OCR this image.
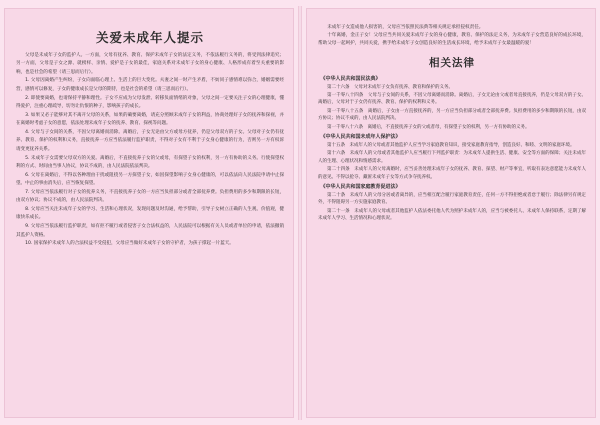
关爱未成年人提示

父母是未成年子女的监护人。一方面，父母有抚养、教育、保护未成年子女的法定义务，不依法履行义务的，将受到法律追究；另一方面，父母是子女之源、就榜样、亲情、爱护是子女的最佳，家庭关系对未成年子女的身心健康、人格形成有着至关重要的影响，也是社会的希望（请三思而后行）。

1. 父母因离婚产生纠纷，子女向面临心理上、生活上的巨大变化。夫妻之间一时产生矛盾，不妨同子感情难以弥合，婚姻需要经营，感情可以修复，子女的健康成长是父母的期待，也是社会的希望（请三思而后行）。

2. 即使要离婚，也请保持平静和理性。子女不应成为父母发泄、转移负面情绪的对象，父母之间一定要关注子女的心理健康，懂得爱护，注重心理疏导，切勿让仇恨的种子，影响孩子的成长。

3. 如果又必子能够对其不离开父母的关系，如果的确要离婚，请充分照顾未成年子女的利益，协商处理好子女的抚养和探视，并在离婚时考虑子女的意愿，依法处理未成年子女的抚养、教育、探视等问题。

4. 父母与子女间的关系，不因父母离婚而消除。离婚后，子女无论由父方或母方抚养，仍是父母双方的子女。父母对子女仍有抚养、教育、保护的权利和义务，直接抚养一方应当依法履行监护职责，不得对子女有不利于子女身心健康的行为，否则另一方有权诉请变更抚养关系。

5. 未成年子女需要父母双方的关爱。离婚后，不直接抚养子女的父或母，有探望子女的权利，另一方有协助的义务。行使探望权利的方式、时间由当事人协议，协议不成的，由人民法院依法判决。

6. 父母在离婚后，不得以各种理由干扰或阻挠另一方探望子女，如因探望影响子女身心健康的，可以依法向人民法院申请中止探望。中止的事由消失后，应当恢复探望。

7. 父母应当依法履行对子女的抚养义务，不直接抚养子女的一方应当负担部分或者全部抚养费。负担费用的多少和期限的长短，由双方协议；协议不成的，由人民法院判决。

8. 父母应当关注未成年子女的学习、生活和心理状况，发现问题及时沟通，给予帮助，引导子女树立正确的人生观、价值观，健康快乐成长。

9. 父母应当依法履行监护职责，如有拒不履行或者侵害子女合法权益的，人民法院可以根据有关人员或者单位的申请，依法撤销其监护人资格。

10. 国家保护未成年人的合法权益不受侵犯，父母应当做好未成年子女的守护者，为孩子撑起一片蓝天。

未成年子女造成他人损害的，父母应当依照民法典等相关规定承担侵权责任。

十年离婚，金正子女！父母应当共同关爱未成年子女的身心健康，教育、保护的法定义务，为未成年子女营造良好的成长环境，帮助父母一起呵护，共同关爱，携手给未成年子女创造良好的生活成长环境，给予未成年子女最温暖的爱！

相关法律
《中华人民共和国民法典》

第二十六条　父母对未成年子女负有抚养、教育和保护的义务。

第一千零八十四条　父母与子女间的关系，不因父母离婚而消除。离婚后，子女无论由父或者母直接抚养，仍是父母双方的子女。离婚后，父母对于子女仍有抚养、教育、保护的权利和义务。

第一千零八十五条　离婚后，子女由一方直接抚养的，另一方应当负担部分或者全部抚养费。负担费用的多少和期限的长短，由双方协议；协议不成的，由人民法院判决。

第一千零八十六条　离婚后，不直接抚养子女的父或者母，有探望子女的权利，另一方有协助的义务。

《中华人民共和国未成年人保护法》

第十五条　未成年人的父母或者其他监护人应当学习家庭教育知识，接受家庭教育指导，创造良好、和睦、文明的家庭环境。

第十六条　未成年人的父母或者其他监护人应当履行下列监护职责：为未成年人提供生活、健康、安全等方面的保障；关注未成年人的生理、心理状况和情感需求。

第二十四条　未成年人的父母离婚时，应当妥善处理未成年子女的抚养、教育、探望、财产等事宜，听取有表达意愿能力未成年人的意见。不得以抢夺、藏匿未成年子女等方式争夺抚养权。

《中华人民共和国家庭教育促进法》

第二十条　未成年人的父母分居或者离异的，应当相互配合履行家庭教育责任，任何一方不得拒绝或者怠于履行；除法律另有规定外，不得阻碍另一方实施家庭教育。

第二十一条　未成年人的父母或者其他监护人依法委托他人代为照护未成年人的，应当与被委托人、未成年人保持联系，定期了解未成年人学习、生活情况和心理状况。
